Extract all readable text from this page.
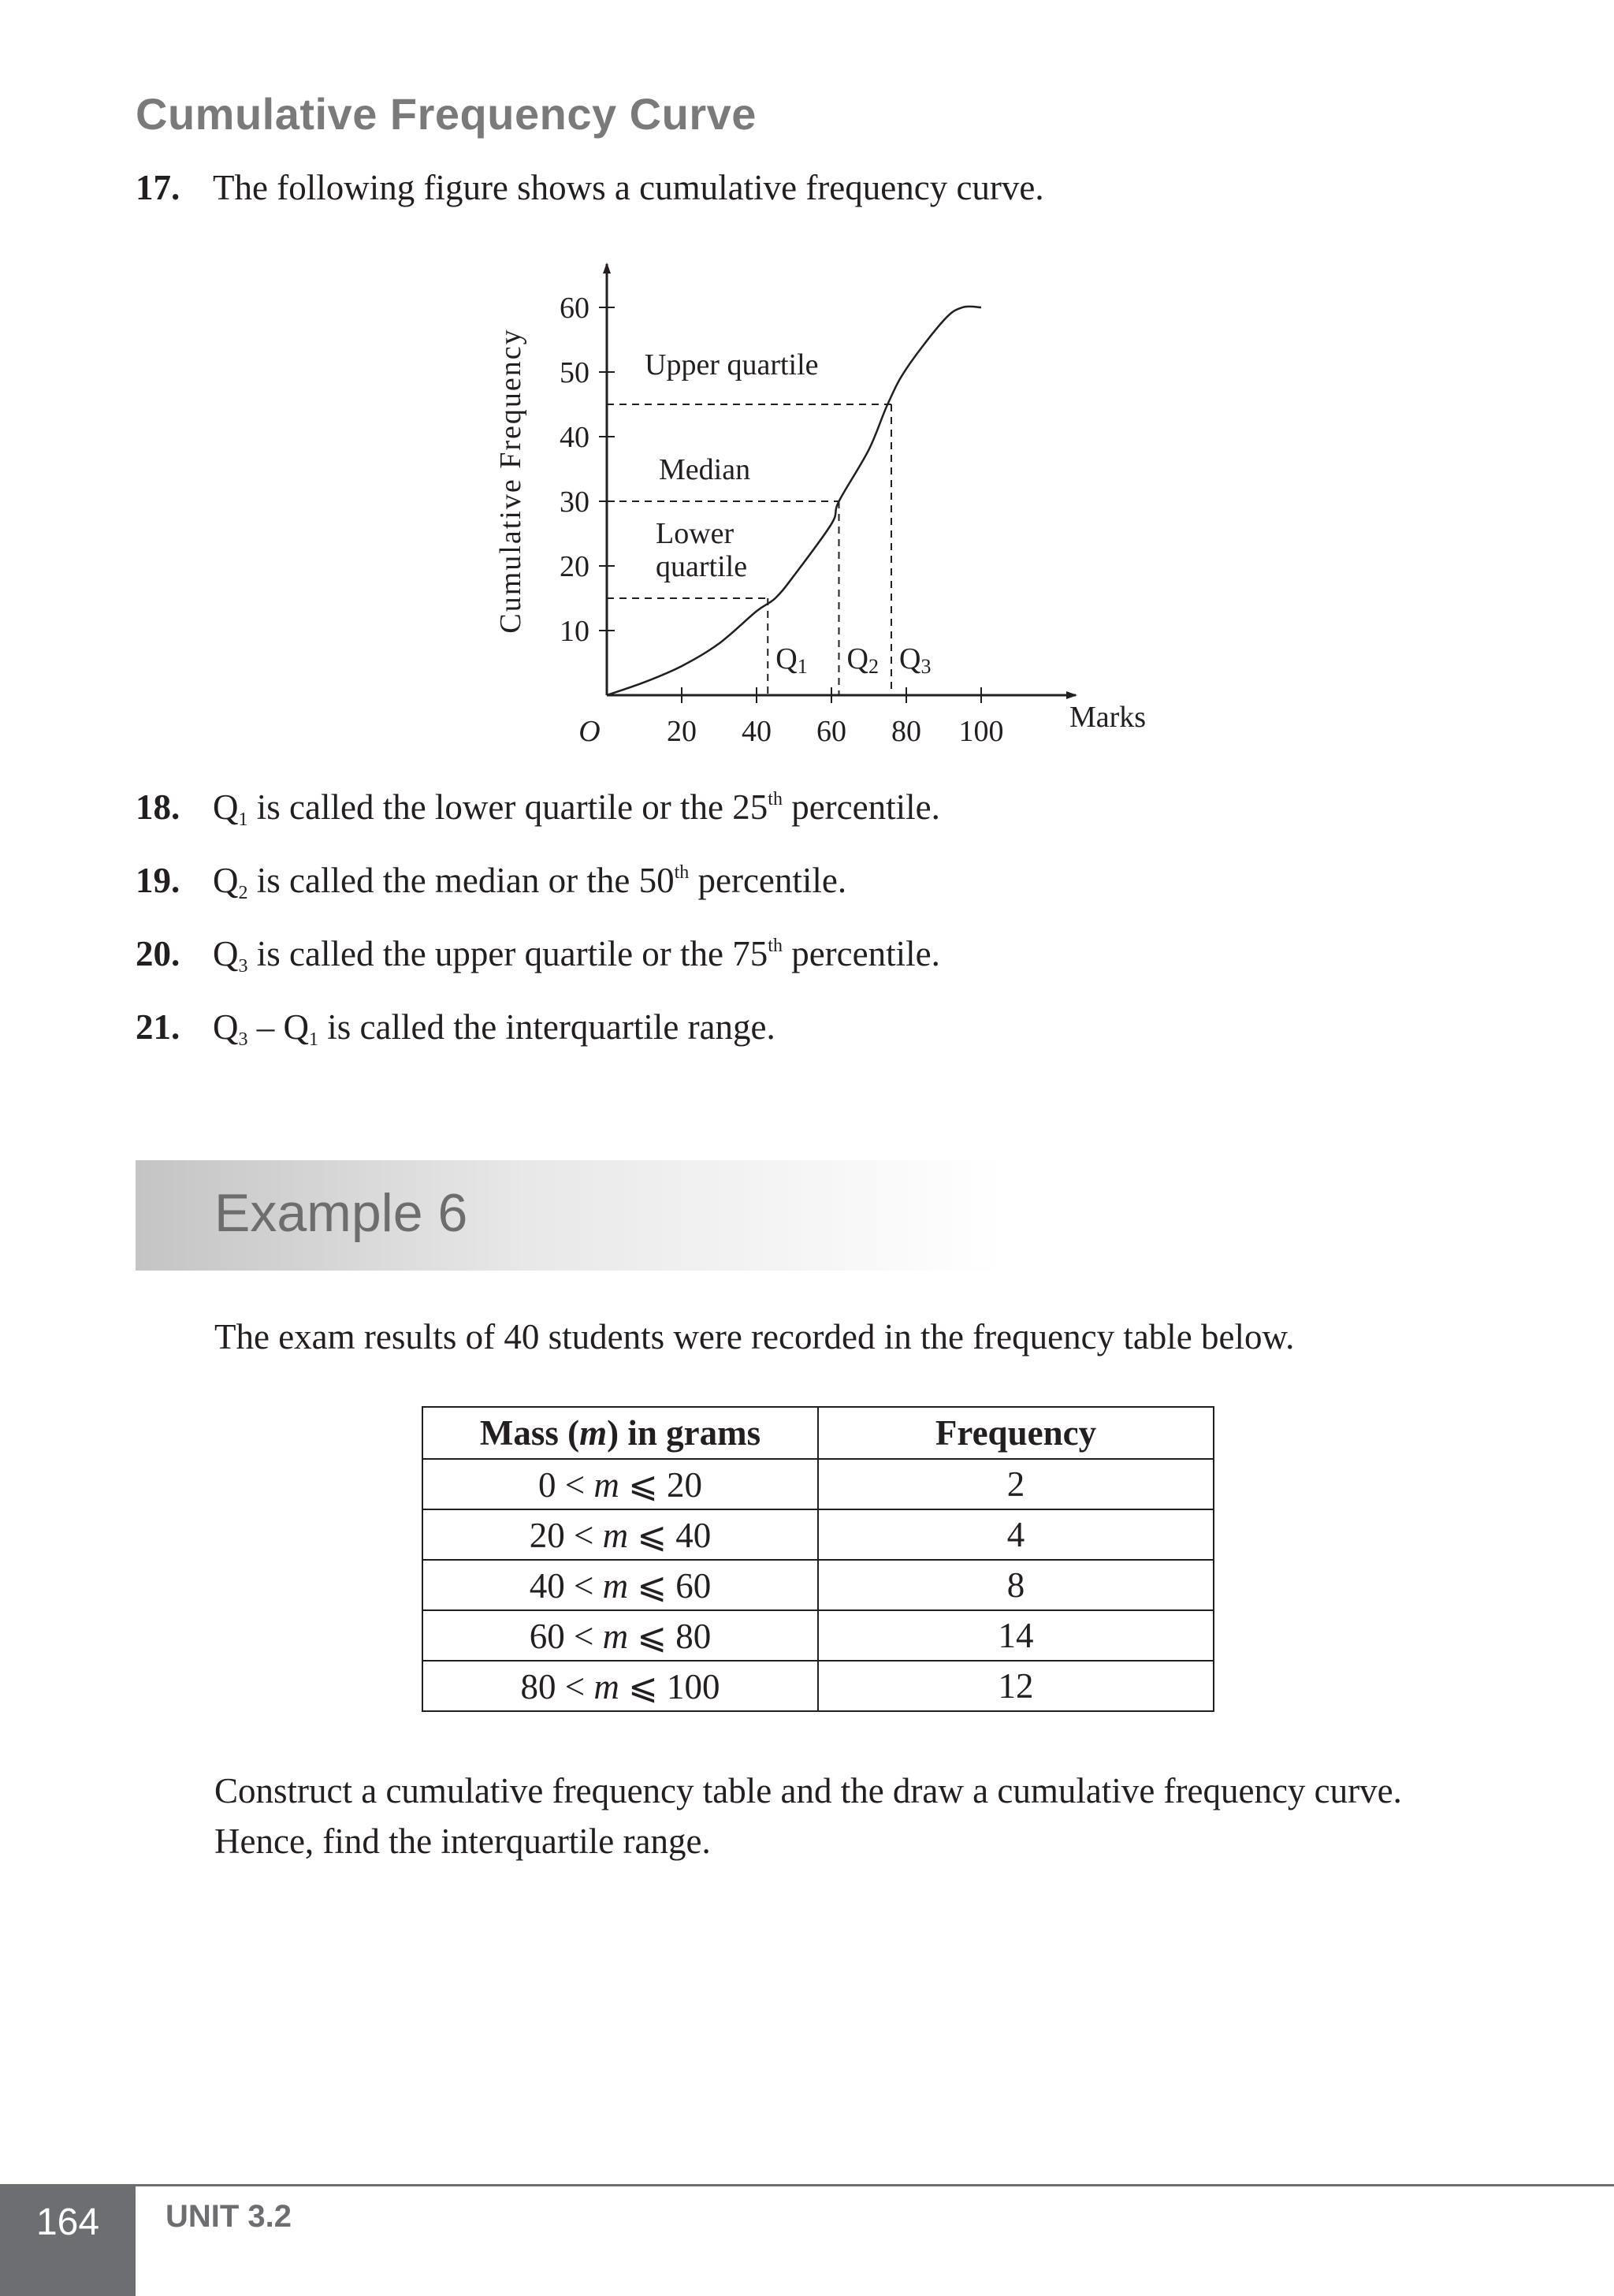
Cumulative Frequency Curve
17. The following figure shows a cumulative frequency curve.
Cumulative Frequency
20 40 60 80 100
10
20
30
40
50
60
Q1 Q2 Q3
Upper quartile
Median
Lower
quartile
O	Marks
18. $Q_1$ is called the lower quartile or the 25th percentile.
19. $Q_2$ is called the median or the 50th percentile.
20. $Q_3$ is called the upper quartile or the 75th percentile.
21. $Q_3 - Q_1$ is called the interquartile range.
Example 6

The exam results of 40 students were recorded in the frequency table below.

Mass (m) in grams	Frequency
0 < m ⩽ 20	2
20 < m ⩽ 40	4
40 < m ⩽ 60	8
60 < m ⩽ 80	14
80 < m ⩽ 100	12

Construct a cumulative frequency table and the draw a cumulative frequency curve. Hence, find the interquartile range.

164	UNIT 3.2
